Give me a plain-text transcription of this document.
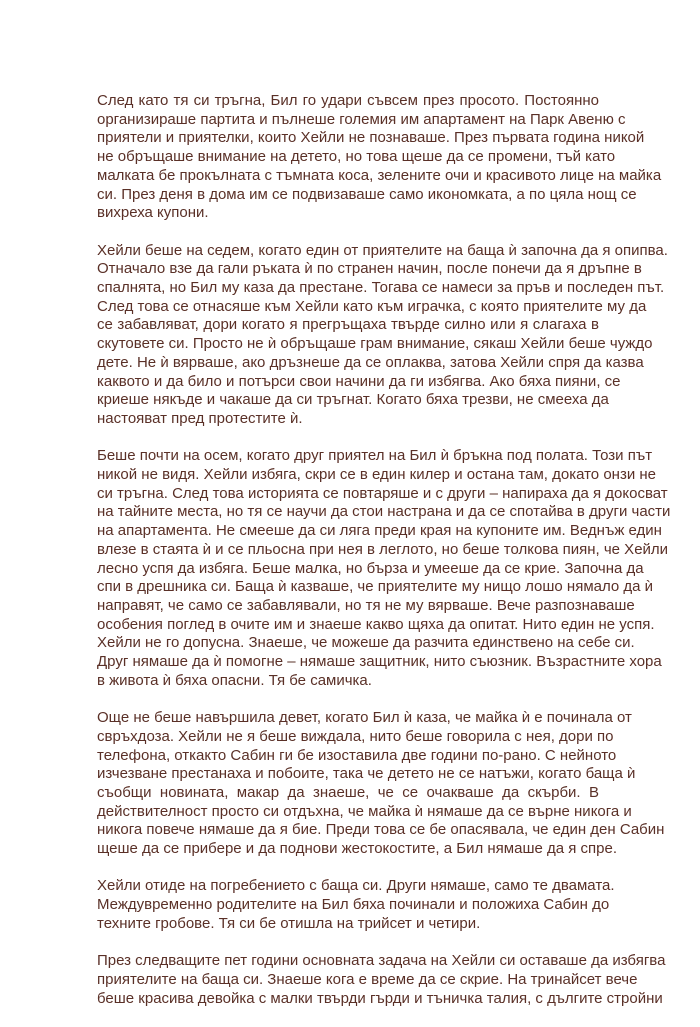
След като тя си тръгна, Бил го удари съвсем през просото. Постоянно
организираше партита и пълнеше големия им апартамент на Парк Авеню с
приятели и приятелки, които Хейли не познаваше. През първата година никой
не обръщаше внимание на детето, но това щеше да се промени, тъй като
малката бе прокълната с тъмната коса, зелените очи и красивото лице на майка
си. През деня в дома им се подвизаваше само икономката, а по цяла нощ се
вихреха купони.
Хейли беше на седем, когато един от приятелите на баща ѝ започна да я опипва.
Отначало взе да гали ръката ѝ по странен начин, после понечи да я дръпне в
спалнята, но Бил му каза да престане. Тогава се намеси за пръв и последен път.
След това се отнасяше към Хейли като към играчка, с която приятелите му да
се забавляват, дори когато я прегръщаха твърде силно или я слагаха в
скутовете си. Просто не ѝ обръщаше грам внимание, сякаш Хейли беше чуждо
дете. Не ѝ вярваше, ако дръзнеше да се оплаква, затова Хейли спря да казва
каквото и да било и потърси свои начини да ги избягва. Ако бяха пияни, се
криеше някъде и чакаше да си тръгнат. Когато бяха трезви, не смееха да
настояват пред протестите ѝ.
Беше почти на осем, когато друг приятел на Бил ѝ бръкна под полата. Този път
никой не видя. Хейли избяга, скри се в един килер и остана там, докато онзи не
си тръгна. След това историята се повтаряше и с други – напираха да я докосват
на тайните места, но тя се научи да стои настрана и да се спотайва в други части
на апартамента. Не смееше да си ляга преди края на купоните им. Веднъж един
влезе в стаята ѝ и се пльосна при нея в леглото, но беше толкова пиян, че Хейли
лесно успя да избяга. Беше малка, но бърза и умееше да се крие. Започна да
спи в дрешника си. Баща ѝ казваше, че приятелите му нищо лошо нямало да ѝ
направят, че само се забавлявали, но тя не му вярваше. Вече разпознаваше
особения поглед в очите им и знаеше какво щяха да опитат. Нито един не успя.
Хейли не го допусна. Знаеше, че можеше да разчита единствено на себе си.
Друг нямаше да ѝ помогне – нямаше защитник, нито съюзник. Възрастните хора
в живота ѝ бяха опасни. Тя бе самичка.
Още не беше навършила девет, когато Бил ѝ каза, че майка ѝ е починала от
свръхдоза. Хейли не я беше виждала, нито беше говорила с нея, дори по
телефона, откакто Сабин ги бе изоставила две години по-рано. С нейното
изчезване престанаха и побоите, така че детето не се натъжи, когато баща ѝ
съобщи новината, макар да знаеше, че се очакваше да скърби. В
действителност просто си отдъхна, че майка ѝ нямаше да се върне никога и
никога повече нямаше да я бие. Преди това се бе опасявала, че един ден Сабин
щеше да се прибере и да поднови жестокостите, а Бил нямаше да я спре.
Хейли отиде на погребението с баща си. Други нямаше, само те двамата.
Междувременно родителите на Бил бяха починали и положиха Сабин до
техните гробове. Тя си бе отишла на трийсет и четири.
През следващите пет години основната задача на Хейли си оставаше да избягва
приятелите на баща си. Знаеше кога е време да се скрие. На тринайсет вече
беше красива девойка с малки твърди гърди и тъничка талия, с дългите стройни
